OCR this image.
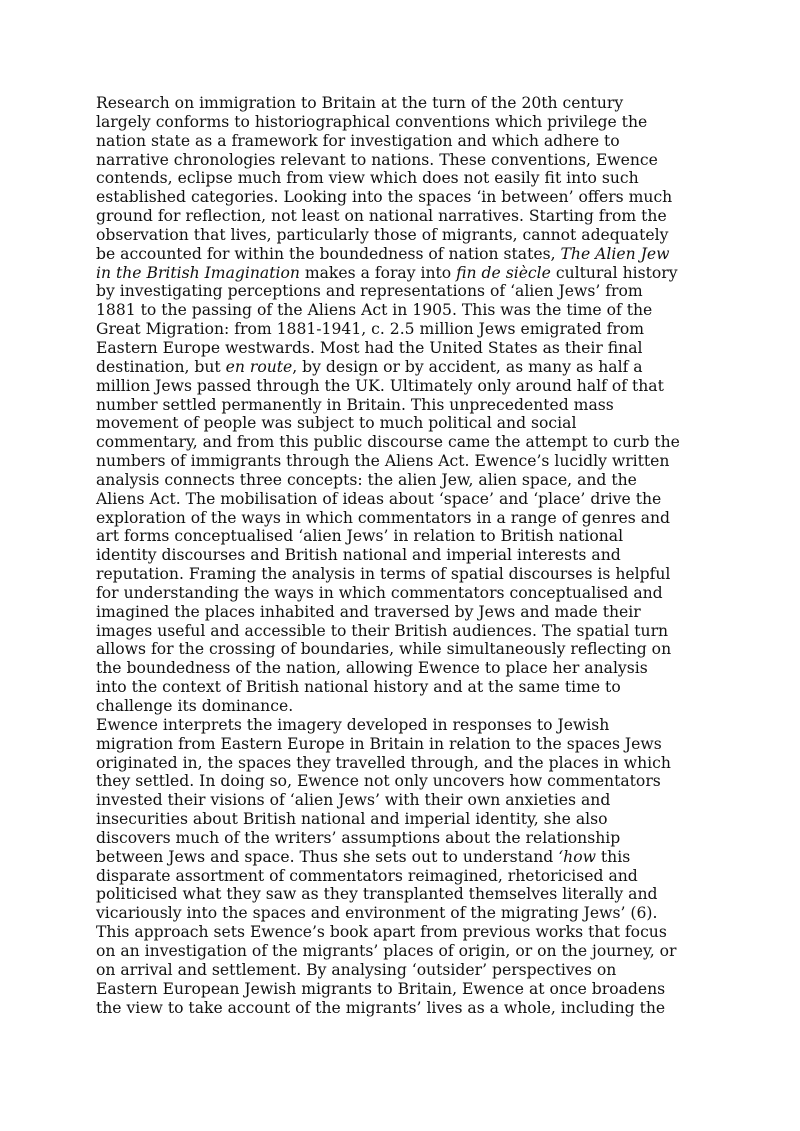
Research on immigration to Britain at the turn of the 20th century
largely conforms to historiographical conventions which privilege the
nation state as a framework for investigation and which adhere to
narrative chronologies relevant to nations. These conventions, Ewence
contends, eclipse much from view which does not easily fit into such
established categories. Looking into the spaces ‘in between’ offers much
ground for reflection, not least on national narratives. Starting from the
observation that lives, particularly those of migrants, cannot adequately
be accounted for within the boundedness of nation states, The Alien Jew
in the British Imagination makes a foray into fin de siècle cultural history
by investigating perceptions and representations of ‘alien Jews’ from
1881 to the passing of the Aliens Act in 1905. This was the time of the
Great Migration: from 1881-1941, c. 2.5 million Jews emigrated from
Eastern Europe westwards. Most had the United States as their final
destination, but en route, by design or by accident, as many as half a
million Jews passed through the UK. Ultimately only around half of that
number settled permanently in Britain. This unprecedented mass
movement of people was subject to much political and social
commentary, and from this public discourse came the attempt to curb the
numbers of immigrants through the Aliens Act. Ewence’s lucidly written
analysis connects three concepts: the alien Jew, alien space, and the
Aliens Act. The mobilisation of ideas about ‘space’ and ‘place’ drive the
exploration of the ways in which commentators in a range of genres and
art forms conceptualised ‘alien Jews’ in relation to British national
identity discourses and British national and imperial interests and
reputation. Framing the analysis in terms of spatial discourses is helpful
for understanding the ways in which commentators conceptualised and
imagined the places inhabited and traversed by Jews and made their
images useful and accessible to their British audiences. The spatial turn
allows for the crossing of boundaries, while simultaneously reflecting on
the boundedness of the nation, allowing Ewence to place her analysis
into the context of British national history and at the same time to
challenge its dominance.
Ewence interprets the imagery developed in responses to Jewish
migration from Eastern Europe in Britain in relation to the spaces Jews
originated in, the spaces they travelled through, and the places in which
they settled. In doing so, Ewence not only uncovers how commentators
invested their visions of ‘alien Jews’ with their own anxieties and
insecurities about British national and imperial identity, she also
discovers much of the writers’ assumptions about the relationship
between Jews and space. Thus she sets out to understand ‘how this
disparate assortment of commentators reimagined, rhetoricised and
politicised what they saw as they transplanted themselves literally and
vicariously into the spaces and environment of the migrating Jews’ (6).
This approach sets Ewence’s book apart from previous works that focus
on an investigation of the migrants’ places of origin, or on the journey, or
on arrival and settlement. By analysing ‘outsider’ perspectives on
Eastern European Jewish migrants to Britain, Ewence at once broadens
the view to take account of the migrants’ lives as a whole, including the
